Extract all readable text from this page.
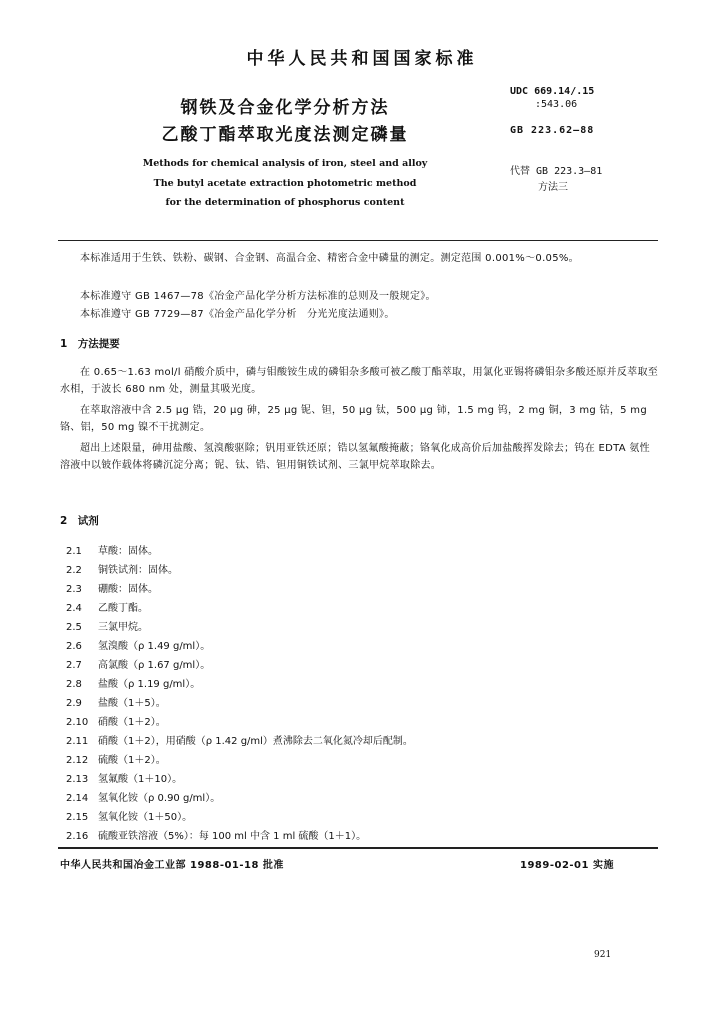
中华人民共和国国家标准
钢铁及合金化学分析方法
乙酸丁酯萃取光度法测定磷量
Methods for chemical analysis of iron, steel and alloy
The butyl acetate extraction photometric method
for the determination of phosphorus content
UDC 669.14/.15
:543.06
GB 223.62—88
代替 GB 223.3—81
方法三
本标准适用于生铁、铁粉、碳钢、合金钢、高温合金、精密合金中磷量的测定。测定范围 0.001%～0.05%。
本标准遵守 GB 1467—78《冶金产品化学分析方法标准的总则及一般规定》。
本标准遵守 GB 7729—87《冶金产品化学分析　分光光度法通则》。
1　方法提要
在 0.65～1.63 mol/l 硝酸介质中，磷与钼酸铵生成的磷钼杂多酸可被乙酸丁酯萃取，用氯化亚锡将磷钼杂多酸还原并反萃取至水相，于波长 680 nm 处，测量其吸光度。
在萃取溶液中含 2.5 μg 锆，20 μg 砷，25 μg 铌、钽，50 μg 钛，500 μg 铈，1.5 mg 钨，2 mg 铜，3 mg 钴，5 mg 铬、铝，50 mg 镍不干扰测定。
超出上述限量，砷用盐酸、氢溴酸驱除；钒用亚铁还原；锆以氢氟酸掩蔽；铬氧化成高价后加盐酸挥发除去；钨在 EDTA 氨性溶液中以铍作载体将磷沉淀分离；铌、钛、锆、钽用铜铁试剂、三氯甲烷萃取除去。
2　试剂
2.1 草酸：固体。
2.2 铜铁试剂：固体。
2.3 硼酸：固体。
2.4 乙酸丁酯。
2.5 三氯甲烷。
2.6 氢溴酸（ρ 1.49 g/ml）。
2.7 高氯酸（ρ 1.67 g/ml）。
2.8 盐酸（ρ 1.19 g/ml）。
2.9 盐酸（1＋5）。
2.10 硝酸（1＋2）。
2.11 硝酸（1＋2），用硝酸（ρ 1.42 g/ml）煮沸除去二氧化氮冷却后配制。
2.12 硫酸（1＋2）。
2.13 氢氟酸（1＋10）。
2.14 氢氧化铵（ρ 0.90 g/ml）。
2.15 氢氧化铵（1＋50）。
2.16 硫酸亚铁溶液（5%）：每 100 ml 中含 1 ml 硫酸（1＋1）。
中华人民共和国冶金工业部 1988-01-18 批准	1989-02-01 实施
921
